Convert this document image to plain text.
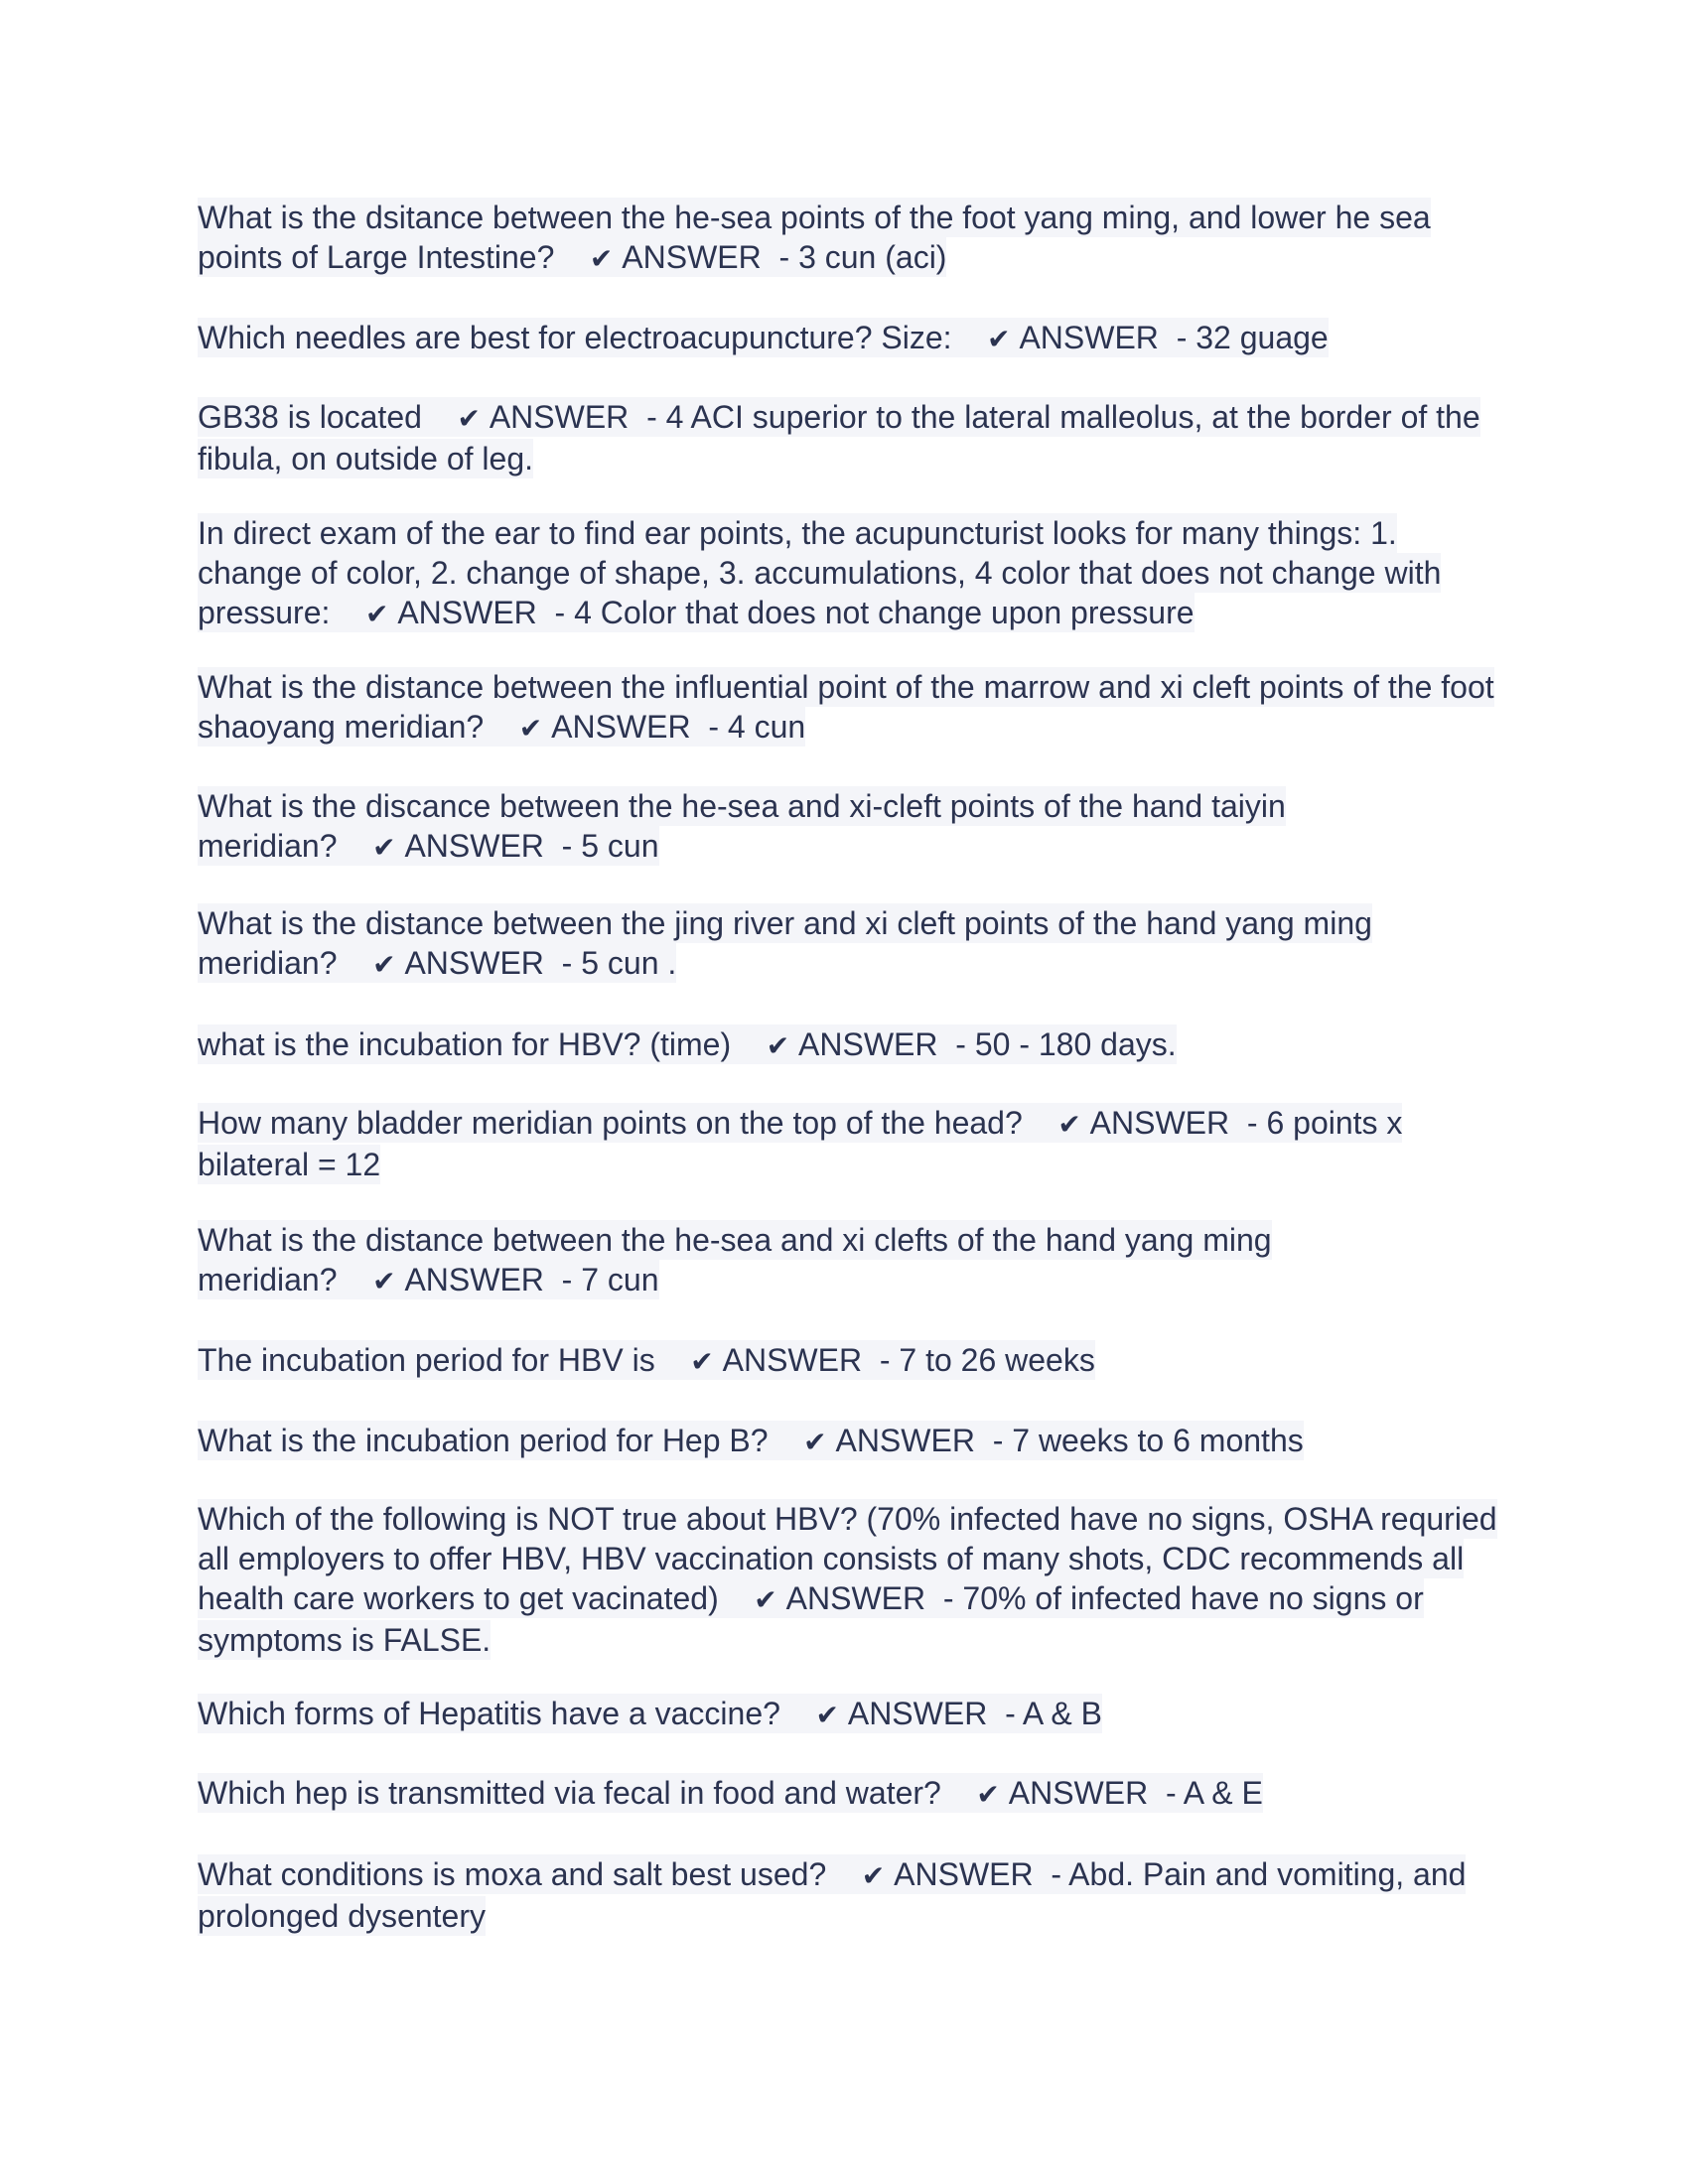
What is the dsitance between the he-sea points of the foot yang ming, and lower he sea points of Large Intestine? ✔ ANSWER - 3 cun (aci)
Which needles are best for electroacupuncture? Size: ✔ ANSWER - 32 guage
GB38 is located ✔ ANSWER - 4 ACI superior to the lateral malleolus, at the border of the fibula, on outside of leg.
In direct exam of the ear to find ear points, the acupuncturist looks for many things: 1. change of color, 2. change of shape, 3. accumulations, 4 color that does not change with pressure: ✔ ANSWER - 4 Color that does not change upon pressure
What is the distance between the influential point of the marrow and xi cleft points of the foot shaoyang meridian? ✔ ANSWER - 4 cun
What is the discance between the he-sea and xi-cleft points of the hand taiyin meridian? ✔ ANSWER - 5 cun
What is the distance between the jing river and xi cleft points of the hand yang ming meridian? ✔ ANSWER - 5 cun .
what is the incubation for HBV? (time) ✔ ANSWER - 50 - 180 days.
How many bladder meridian points on the top of the head? ✔ ANSWER - 6 points x bilateral = 12
What is the distance between the he-sea and xi clefts of the hand yang ming meridian? ✔ ANSWER - 7 cun
The incubation period for HBV is ✔ ANSWER - 7 to 26 weeks
What is the incubation period for Hep B? ✔ ANSWER - 7 weeks to 6 months
Which of the following is NOT true about HBV? (70% infected have no signs, OSHA requried all employers to offer HBV, HBV vaccination consists of many shots, CDC recommends all health care workers to get vacinated) ✔ ANSWER - 70% of infected have no signs or symptoms is FALSE.
Which forms of Hepatitis have a vaccine? ✔ ANSWER - A & B
Which hep is transmitted via fecal in food and water? ✔ ANSWER - A & E
What conditions is moxa and salt best used? ✔ ANSWER - Abd. Pain and vomiting, and prolonged dysentery
